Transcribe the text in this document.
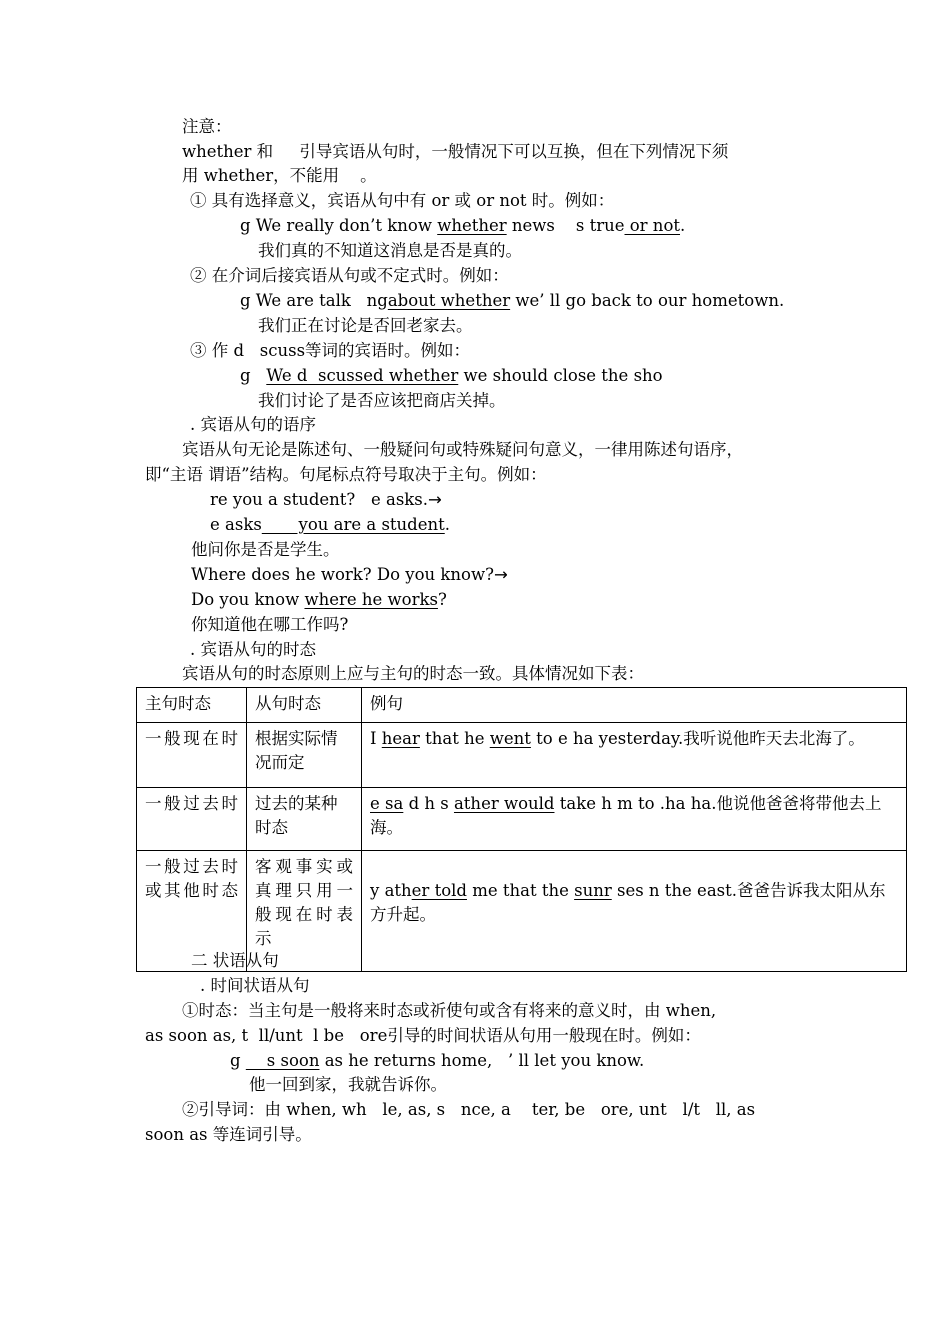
注意：
whether 和     引导宾语从句时，一般情况下可以互换，但在下列情况下须
用 whether，不能用    。
① 具有选择意义，宾语从句中有 or 或 or not 时。例如：
g We really don’t know whether news    s true or not.
我们真的不知道这消息是否是真的。
② 在介词后接宾语从句或不定式时。例如：
g We are talk   ngabout whether we’ ll go back to our hometown.
我们正在讨论是否回老家去。
③ 作 d   scuss等词的宾语时。例如：
g   We d  scussed whether we should close the sho
我们讨论了是否应该把商店关掉。
. 宾语从句的语序
宾语从句无论是陈述句、一般疑问句或特殊疑问句意义，一律用陈述句语序，
即“主语 谓语”结构。句尾标点符号取决于主句。例如：
re you a student?   e asks.→
e asks       you are a student.
他问你是否是学生。
Where does he work? Do you know?→
Do you know where he works?
你知道他在哪工作吗?
. 宾语从句的时态
宾语从句的时态原则上应与主句的时态一致。具体情况如下表：
主句时态	从句时态	例句
一般现在时	根据实际情况而定	I hear that he went to e ha yesterday.我听说他昨天去北海了。
一般过去时	过去的某种时态	e sa d h s ather would take h m to .ha ha.他说他爸爸将带他去上海。
一般过去时或其他时态	客观事实或真理只用一般现在时表示	y ather told me that the sunr ses n the east.爸爸告诉我太阳从东方升起。
二 状语从句
. 时间状语从句
①时态：当主句是一般将来时态或祈使句或含有将来的意义时，由 when,
as soon as, t  ll/unt  l be   ore引导的时间状语从句用一般现在时。例如：
g     s soon as he returns home,   ’ ll let you know.
他一回到家，我就告诉你。
②引导词：由 when, wh   le, as, s   nce, a    ter, be   ore, unt   l/t   ll, as
soon as 等连词引导。
